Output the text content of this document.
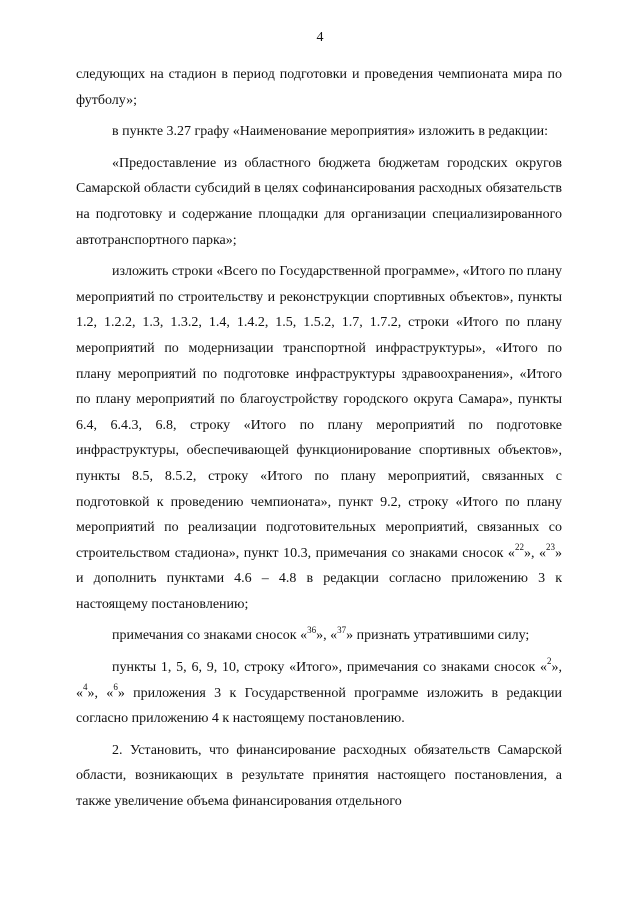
4

следующих на стадион в период подготовки и проведения чемпионата мира по футболу»;

в пункте 3.27 графу «Наименование мероприятия» изложить в редакции:

«Предоставление из областного бюджета бюджетам городских округов Самарской области субсидий в целях софинансирования расходных обязательств на подготовку и содержание площадки для организации специализированного автотранспортного парка»;

изложить строки «Всего по Государственной программе», «Итого по плану мероприятий по строительству и реконструкции спортивных объектов», пункты 1.2, 1.2.2, 1.3, 1.3.2, 1.4, 1.4.2, 1.5, 1.5.2, 1.7, 1.7.2, строки «Итого по плану мероприятий по модернизации транспортной инфраструктуры», «Итого по плану мероприятий по подготовке инфраструктуры здравоохранения», «Итого по плану мероприятий по благоустройству городского округа Самара», пункты 6.4, 6.4.3, 6.8, строку «Итого по плану мероприятий по подготовке инфраструктуры, обеспечивающей функционирование спортивных объектов», пункты 8.5, 8.5.2, строку «Итого по плану мероприятий, связанных с подготовкой к проведению чемпионата», пункт 9.2, строку «Итого по плану мероприятий по реализации подготовительных мероприятий, связанных со строительством стадиона», пункт 10.3, примечания со знаками сносок «$^{22}$», «$^{23}$» и дополнить пунктами 4.6 – 4.8 в редакции согласно приложению 3 к настоящему постановлению;

примечания со знаками сносок «$^{36}$», «$^{37}$» признать утратившими силу;

пункты 1, 5, 6, 9, 10, строку «Итого», примечания со знаками сносок «$^2$», «$^4$», «$^6$» приложения 3 к Государственной программе изложить в редакции согласно приложению 4 к настоящему постановлению.

2. Установить, что финансирование расходных обязательств Самарской области, возникающих в результате принятия настоящего постановления, а также увеличение объема финансирования отдельного
